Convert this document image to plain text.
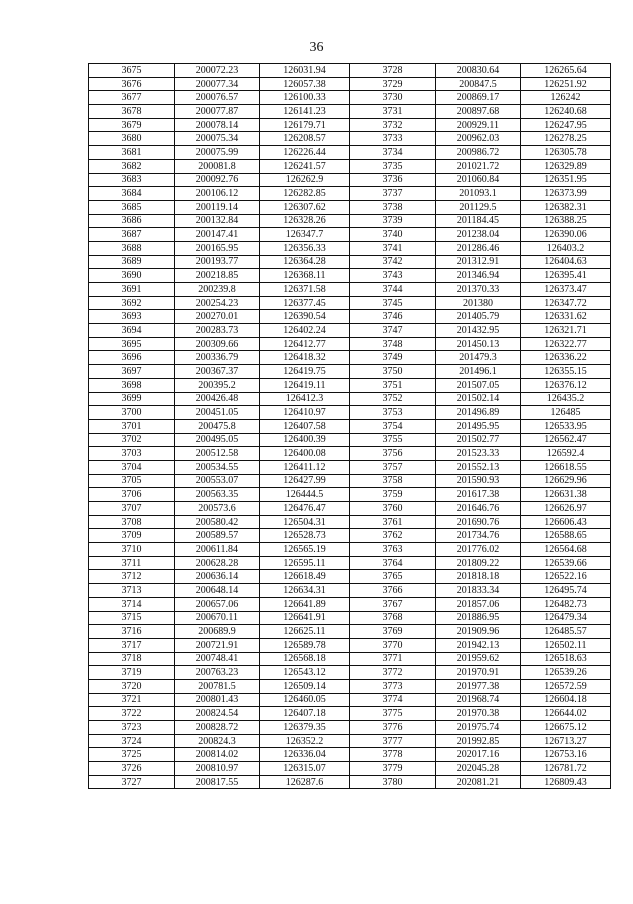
36
3675	200072.23	126031.94	3728	200830.64	126265.64
3676	200077.34	126057.38	3729	200847.5	126251.92
3677	200076.57	126100.33	3730	200869.17	126242
3678	200077.87	126141.23	3731	200897.68	126240.68
3679	200078.14	126179.71	3732	200929.11	126247.95
3680	200075.34	126208.57	3733	200962.03	126278.25
3681	200075.99	126226.44	3734	200986.72	126305.78
3682	200081.8	126241.57	3735	201021.72	126329.89
3683	200092.76	126262.9	3736	201060.84	126351.95
3684	200106.12	126282.85	3737	201093.1	126373.99
3685	200119.14	126307.62	3738	201129.5	126382.31
3686	200132.84	126328.26	3739	201184.45	126388.25
3687	200147.41	126347.7	3740	201238.04	126390.06
3688	200165.95	126356.33	3741	201286.46	126403.2
3689	200193.77	126364.28	3742	201312.91	126404.63
3690	200218.85	126368.11	3743	201346.94	126395.41
3691	200239.8	126371.58	3744	201370.33	126373.47
3692	200254.23	126377.45	3745	201380	126347.72
3693	200270.01	126390.54	3746	201405.79	126331.62
3694	200283.73	126402.24	3747	201432.95	126321.71
3695	200309.66	126412.77	3748	201450.13	126322.77
3696	200336.79	126418.32	3749	201479.3	126336.22
3697	200367.37	126419.75	3750	201496.1	126355.15
3698	200395.2	126419.11	3751	201507.05	126376.12
3699	200426.48	126412.3	3752	201502.14	126435.2
3700	200451.05	126410.97	3753	201496.89	126485
3701	200475.8	126407.58	3754	201495.95	126533.95
3702	200495.05	126400.39	3755	201502.77	126562.47
3703	200512.58	126400.08	3756	201523.33	126592.4
3704	200534.55	126411.12	3757	201552.13	126618.55
3705	200553.07	126427.99	3758	201590.93	126629.96
3706	200563.35	126444.5	3759	201617.38	126631.38
3707	200573.6	126476.47	3760	201646.76	126626.97
3708	200580.42	126504.31	3761	201690.76	126606.43
3709	200589.57	126528.73	3762	201734.76	126588.65
3710	200611.84	126565.19	3763	201776.02	126564.68
3711	200628.28	126595.11	3764	201809.22	126539.66
3712	200636.14	126618.49	3765	201818.18	126522.16
3713	200648.14	126634.31	3766	201833.34	126495.74
3714	200657.06	126641.89	3767	201857.06	126482.73
3715	200670.11	126641.91	3768	201886.95	126479.34
3716	200689.9	126625.11	3769	201909.96	126485.57
3717	200721.91	126589.78	3770	201942.13	126502.11
3718	200748.41	126568.18	3771	201959.62	126518.63
3719	200763.23	126543.12	3772	201970.91	126539.26
3720	200781.5	126509.14	3773	201977.38	126572.59
3721	200801.43	126460.05	3774	201968.74	126604.18
3722	200824.54	126407.18	3775	201970.38	126644.02
3723	200828.72	126379.35	3776	201975.74	126675.12
3724	200824.3	126352.2	3777	201992.85	126713.27
3725	200814.02	126336.04	3778	202017.16	126753.16
3726	200810.97	126315.07	3779	202045.28	126781.72
3727	200817.55	126287.6	3780	202081.21	126809.43
